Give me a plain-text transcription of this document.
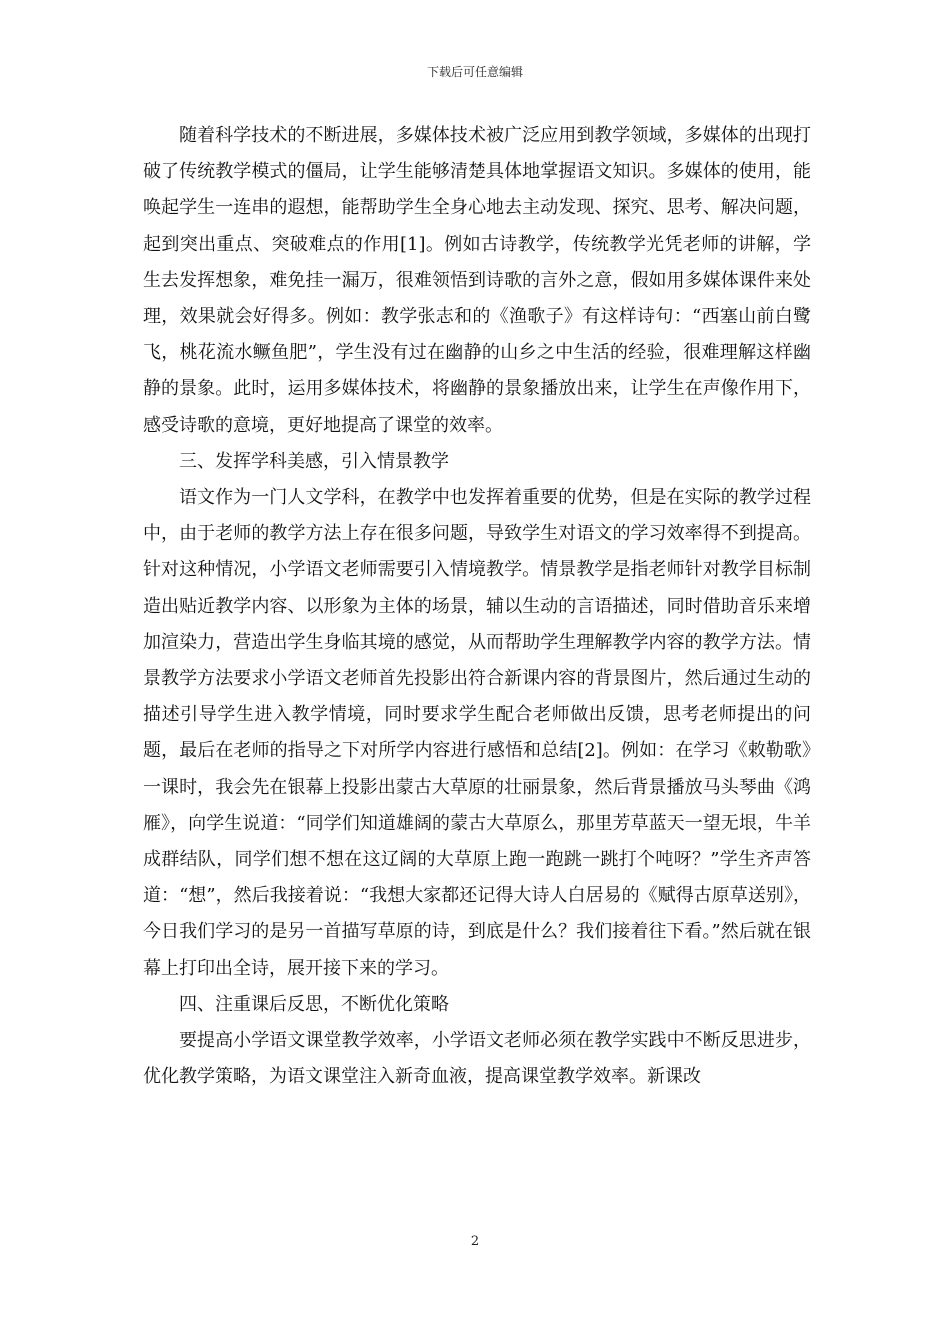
下载后可任意编辑

随着科学技术的不断进展，多媒体技术被广泛应用到教学领域，多媒体的出现打破了传统教学模式的僵局，让学生能够清楚具体地掌握语文知识。多媒体的使用，能唤起学生一连串的遐想，能帮助学生全身心地去主动发现、探究、思考、解决问题，起到突出重点、突破难点的作用[1]。例如古诗教学，传统教学光凭老师的讲解，学生去发挥想象，难免挂一漏万，很难领悟到诗歌的言外之意，假如用多媒体课件来处理，效果就会好得多。例如：教学张志和的《渔歌子》有这样诗句：“西塞山前白鹭飞，桃花流水鳜鱼肥”，学生没有过在幽静的山乡之中生活的经验，很难理解这样幽静的景象。此时，运用多媒体技术，将幽静的景象播放出来，让学生在声像作用下，感受诗歌的意境，更好地提高了课堂的效率。

三、发挥学科美感，引入情景教学

语文作为一门人文学科，在教学中也发挥着重要的优势，但是在实际的教学过程中，由于老师的教学方法上存在很多问题，导致学生对语文的学习效率得不到提高。针对这种情况，小学语文老师需要引入情境教学。情景教学是指老师针对教学目标制造出贴近教学内容、以形象为主体的场景，辅以生动的言语描述，同时借助音乐来增加渲染力，营造出学生身临其境的感觉，从而帮助学生理解教学内容的教学方法。情景教学方法要求小学语文老师首先投影出符合新课内容的背景图片，然后通过生动的描述引导学生进入教学情境，同时要求学生配合老师做出反馈，思考老师提出的问题，最后在老师的指导之下对所学内容进行感悟和总结[2]。例如：在学习《敕勒歌》一课时，我会先在银幕上投影出蒙古大草原的壮丽景象，然后背景播放马头琴曲《鸿雁》，向学生说道：“同学们知道雄阔的蒙古大草原么，那里芳草蓝天一望无垠，牛羊成群结队，同学们想不想在这辽阔的大草原上跑一跑跳一跳打个吨呀？”学生齐声答道：“想”，然后我接着说：“我想大家都还记得大诗人白居易的《赋得古原草送别》，今日我们学习的是另一首描写草原的诗，到底是什么？我们接着往下看。”然后就在银幕上打印出全诗，展开接下来的学习。

四、注重课后反思，不断优化策略

要提高小学语文课堂教学效率，小学语文老师必须在教学实践中不断反思进步，优化教学策略，为语文课堂注入新奇血液，提高课堂教学效率。新课改

2
